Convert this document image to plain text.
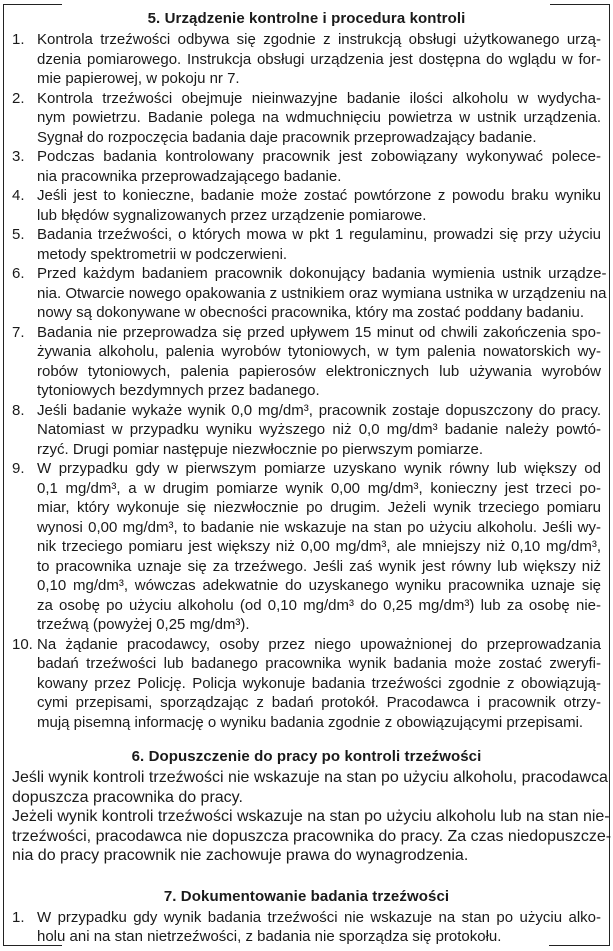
5. Urządzenie kontrolne i procedura kontroli
1. Kontrola trzeźwości odbywa się zgodnie z instrukcją obsługi użytkowanego urzą-
dzenia pomiarowego. Instrukcja obsługi urządzenia jest dostępna do wglądu w for-
mie papierowej, w pokoju nr 7.
2. Kontrola trzeźwości obejmuje nieinwazyjne badanie ilości alkoholu w wydycha-
nym powietrzu. Badanie polega na wdmuchnięciu powietrza w ustnik urządzenia.
Sygnał do rozpoczęcia badania daje pracownik przeprowadzający badanie.
3. Podczas badania kontrolowany pracownik jest zobowiązany wykonywać polece-
nia pracownika przeprowadzającego badanie.
4. Jeśli jest to konieczne, badanie może zostać powtórzone z powodu braku wyniku
lub błędów sygnalizowanych przez urządzenie pomiarowe.
5. Badania trzeźwości, o których mowa w pkt 1 regulaminu, prowadzi się przy użyciu
metody spektrometrii w podczerwieni.
6. Przed każdym badaniem pracownik dokonujący badania wymienia ustnik urządze-
nia. Otwarcie nowego opakowania z ustnikiem oraz wymiana ustnika w urządzeniu na
nowy są dokonywane w obecności pracownika, który ma zostać poddany badaniu.
7. Badania nie przeprowadza się przed upływem 15 minut od chwili zakończenia spo-
żywania alkoholu, palenia wyrobów tytoniowych, w tym palenia nowatorskich wy-
robów tytoniowych, palenia papierosów elektronicznych lub używania wyrobów
tytoniowych bezdymnych przez badanego.
8. Jeśli badanie wykaże wynik 0,0 mg/dm³, pracownik zostaje dopuszczony do pracy.
Natomiast w przypadku wyniku wyższego niż 0,0 mg/dm³ badanie należy powtó-
rzyć. Drugi pomiar następuje niezwłocznie po pierwszym pomiarze.
9. W przypadku gdy w pierwszym pomiarze uzyskano wynik równy lub większy od
0,1 mg/dm³, a w drugim pomiarze wynik 0,00 mg/dm³, konieczny jest trzeci po-
miar, który wykonuje się niezwłocznie po drugim. Jeżeli wynik trzeciego pomiaru
wynosi 0,00 mg/dm³, to badanie nie wskazuje na stan po użyciu alkoholu. Jeśli wy-
nik trzeciego pomiaru jest większy niż 0,00 mg/dm³, ale mniejszy niż 0,10 mg/dm³,
to pracownika uznaje się za trzeźwego. Jeśli zaś wynik jest równy lub większy niż
0,10 mg/dm³, wówczas adekwatnie do uzyskanego wyniku pracownika uznaje się
za osobę po użyciu alkoholu (od 0,10 mg/dm³ do 0,25 mg/dm³) lub za osobę nie-
trzeźwą (powyżej 0,25 mg/dm³).
10. Na żądanie pracodawcy, osoby przez niego upoważnionej do przeprowadzania
badań trzeźwości lub badanego pracownika wynik badania może zostać zweryfi-
kowany przez Policję. Policja wykonuje badania trzeźwości zgodnie z obowiązują-
cymi przepisami, sporządzając z badań protokół. Pracodawca i pracownik otrzy-
mują pisemną informację o wyniku badania zgodnie z obowiązującymi przepisami.
6. Dopuszczenie do pracy po kontroli trzeźwości
Jeśli wynik kontroli trzeźwości nie wskazuje na stan po użyciu alkoholu, pracodawca
dopuszcza pracownika do pracy.
Jeżeli wynik kontroli trzeźwości wskazuje na stan po użyciu alkoholu lub na stan nie-
trzeźwości, pracodawca nie dopuszcza pracownika do pracy. Za czas niedopuszcze-
nia do pracy pracownik nie zachowuje prawa do wynagrodzenia.
7. Dokumentowanie badania trzeźwości
1. W przypadku gdy wynik badania trzeźwości nie wskazuje na stan po użyciu alko-
holu ani na stan nietrzeźwości, z badania nie sporządza się protokołu.
